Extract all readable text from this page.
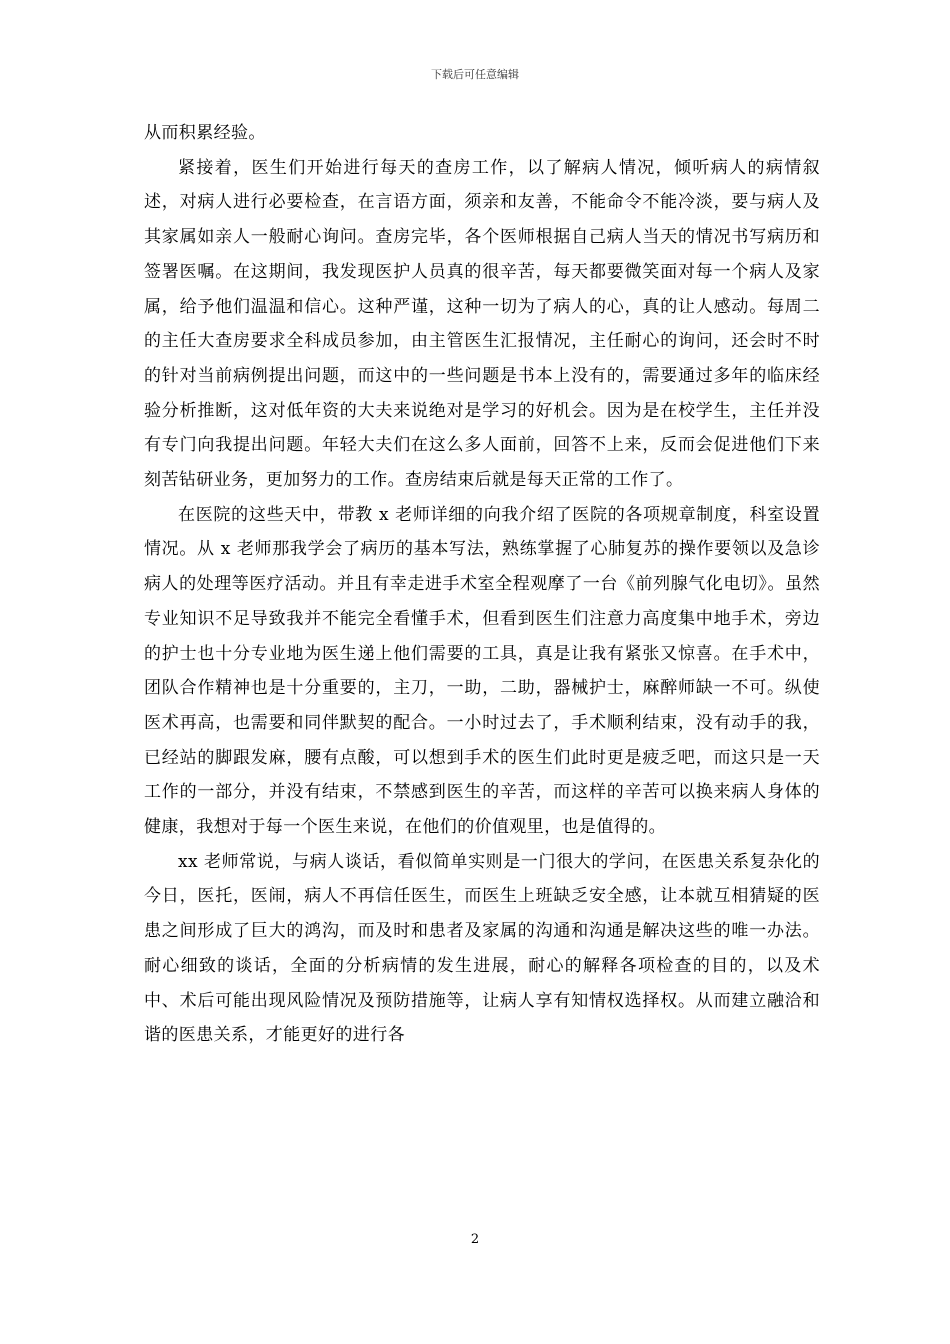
下载后可任意编辑

从而积累经验。

紧接着，医生们开始进行每天的查房工作，以了解病人情况，倾听病人的病情叙述，对病人进行必要检查，在言语方面，须亲和友善，不能命令不能冷淡，要与病人及其家属如亲人一般耐心询问。查房完毕，各个医师根据自己病人当天的情况书写病历和签署医嘱。在这期间，我发现医护人员真的很辛苦，每天都要微笑面对每一个病人及家属，给予他们温温和信心。这种严谨，这种一切为了病人的心，真的让人感动。每周二的主任大查房要求全科成员参加，由主管医生汇报情况，主任耐心的询问，还会时不时的针对当前病例提出问题，而这中的一些问题是书本上没有的，需要通过多年的临床经验分析推断，这对低年资的大夫来说绝对是学习的好机会。因为是在校学生，主任并没有专门向我提出问题。年轻大夫们在这么多人面前，回答不上来，反而会促进他们下来刻苦钻研业务，更加努力的工作。查房结束后就是每天正常的工作了。

在医院的这些天中，带教 x 老师详细的向我介绍了医院的各项规章制度，科室设置情况。从 x 老师那我学会了病历的基本写法，熟练掌握了心肺复苏的操作要领以及急诊病人的处理等医疗活动。并且有幸走进手术室全程观摩了一台《前列腺气化电切》。虽然专业知识不足导致我并不能完全看懂手术，但看到医生们注意力高度集中地手术，旁边的护士也十分专业地为医生递上他们需要的工具，真是让我有紧张又惊喜。在手术中，团队合作精神也是十分重要的，主刀，一助，二助，器械护士，麻醉师缺一不可。纵使医术再高，也需要和同伴默契的配合。一小时过去了，手术顺利结束，没有动手的我，已经站的脚跟发麻，腰有点酸，可以想到手术的医生们此时更是疲乏吧，而这只是一天工作的一部分，并没有结束，不禁感到医生的辛苦，而这样的辛苦可以换来病人身体的健康，我想对于每一个医生来说，在他们的价值观里，也是值得的。

xx 老师常说，与病人谈话，看似简单实则是一门很大的学问，在医患关系复杂化的今日，医托，医闹，病人不再信任医生，而医生上班缺乏安全感，让本就互相猜疑的医患之间形成了巨大的鸿沟，而及时和患者及家属的沟通和沟通是解决这些的唯一办法。耐心细致的谈话，全面的分析病情的发生进展，耐心的解释各项检查的目的，以及术中、术后可能出现风险情况及预防措施等，让病人享有知情权选择权。从而建立融洽和谐的医患关系，才能更好的进行各

2
